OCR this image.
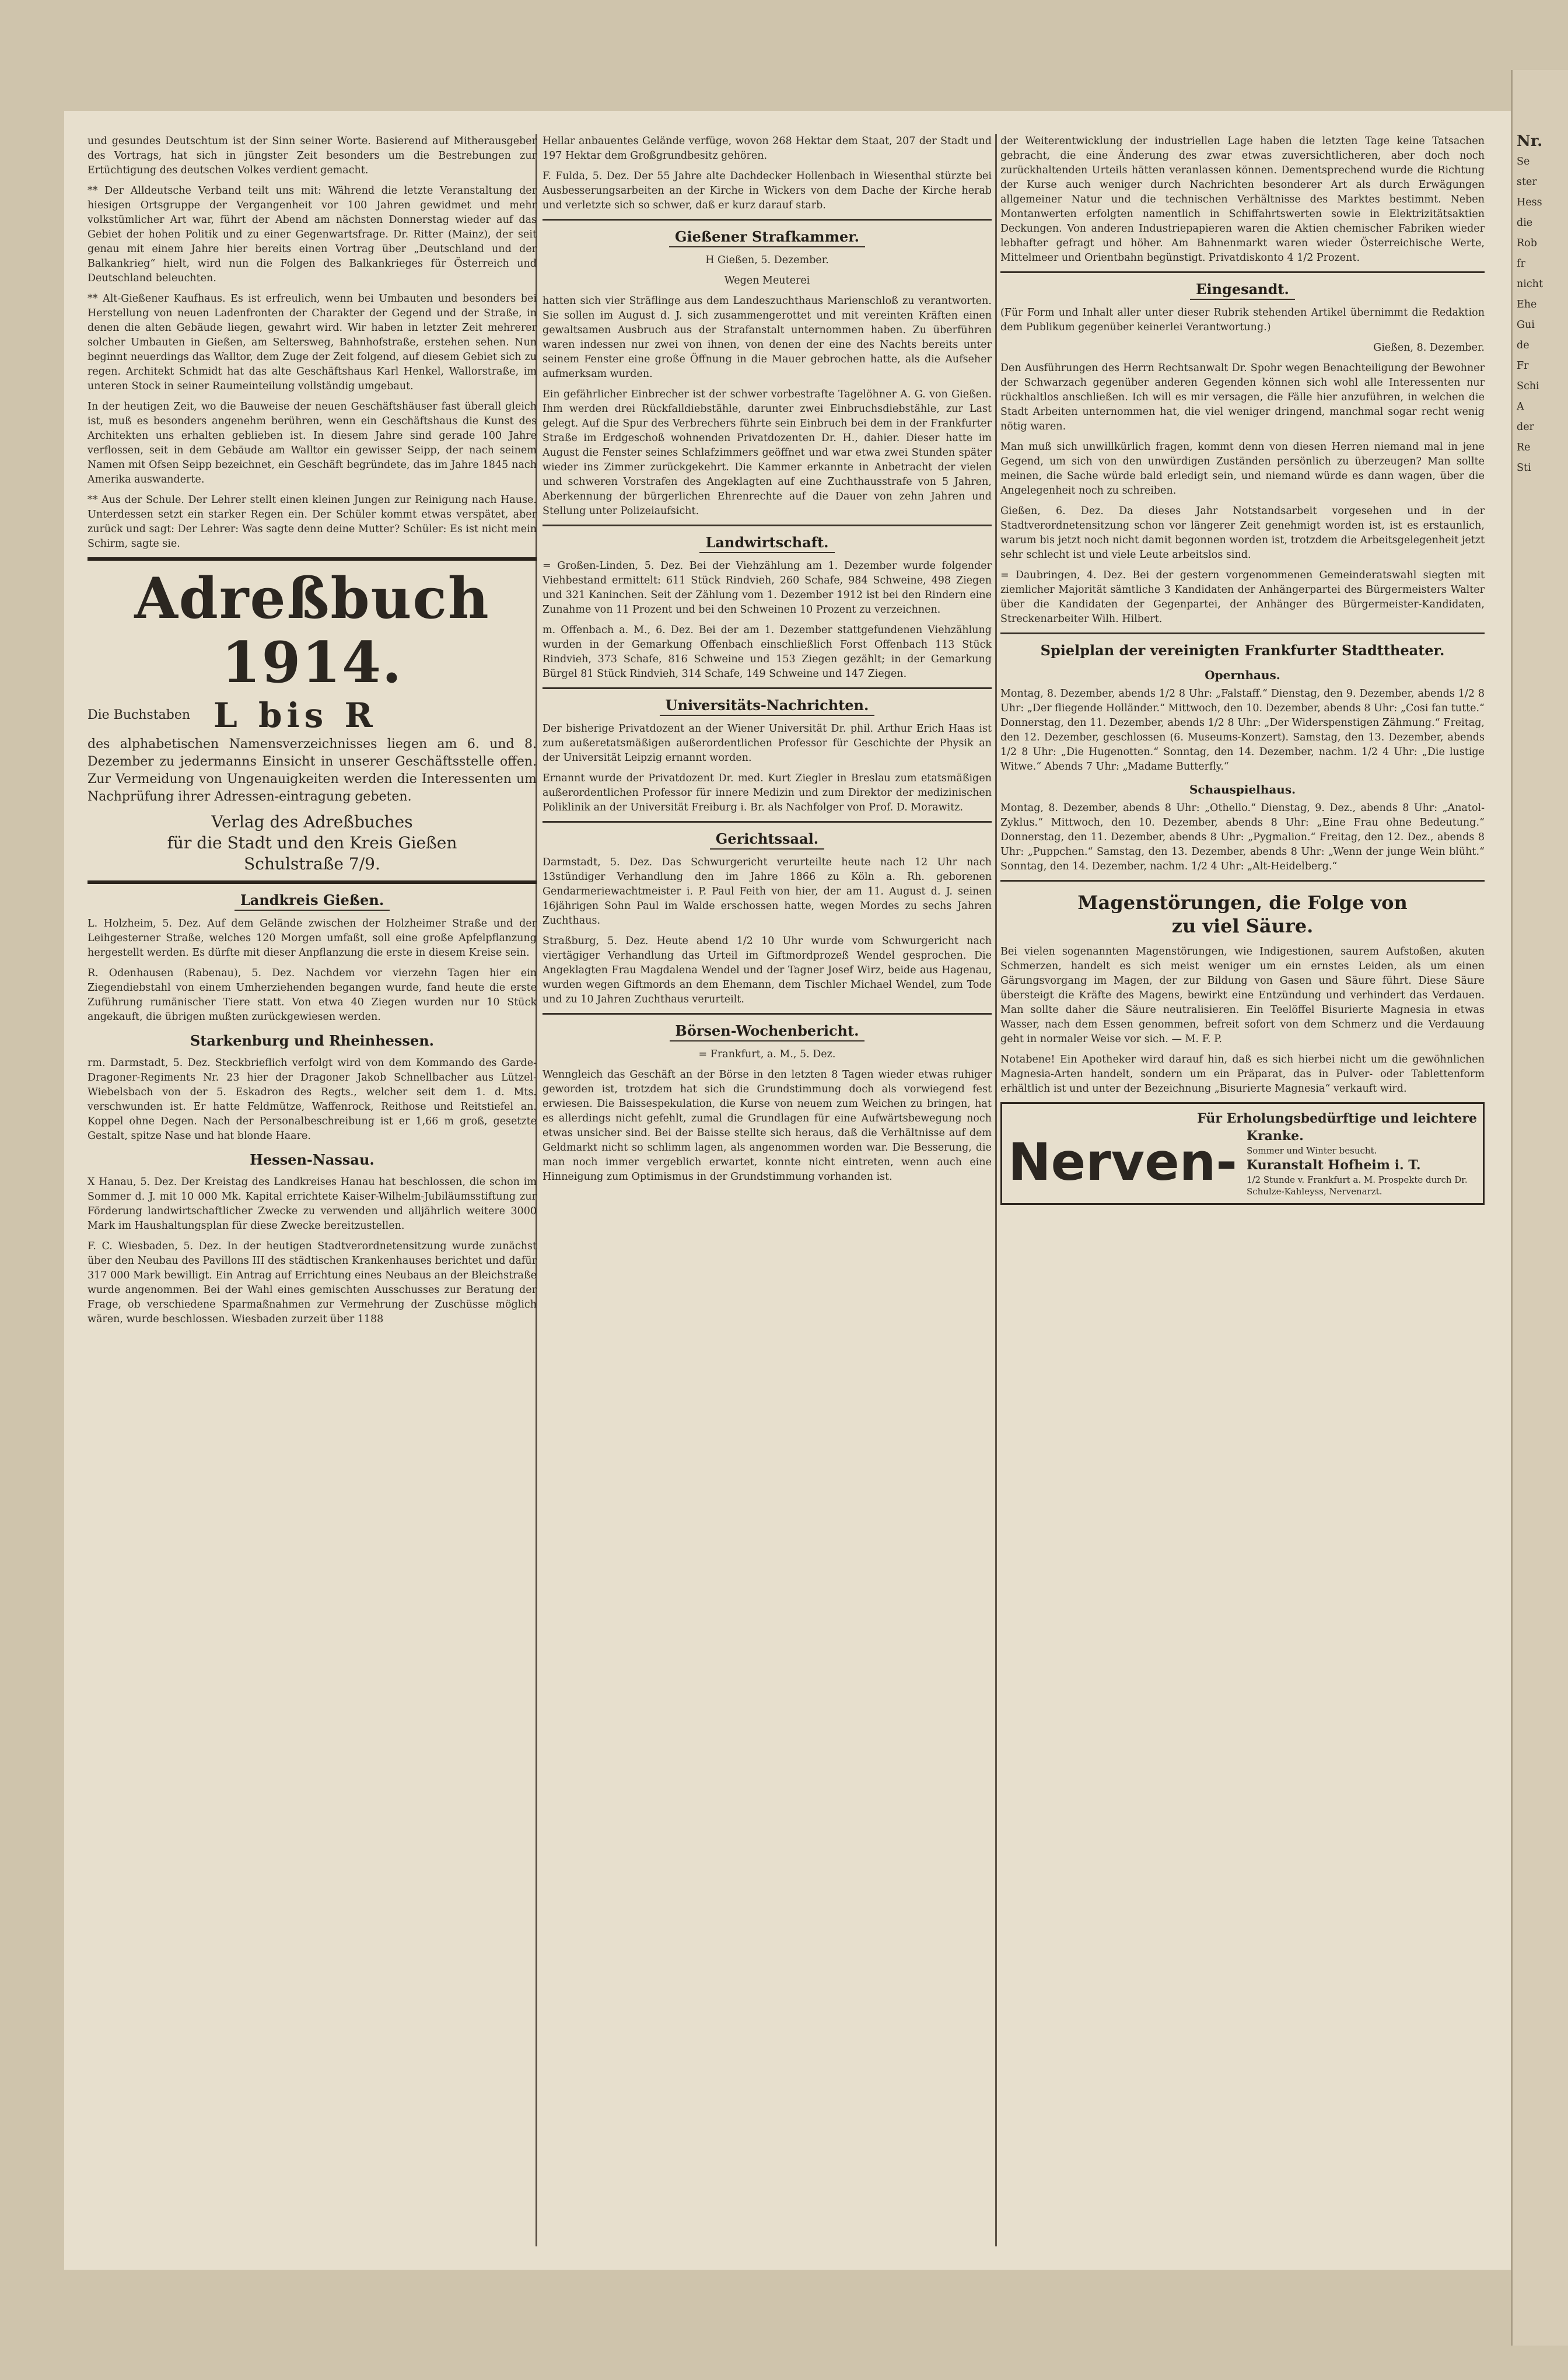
und gesundes Deutschtum ist der Sinn seiner Worte. Basierend auf Mitherausgeber des Vortrags, hat sich in jüngster Zeit besonders um die Bestrebungen zur Ertüchtigung des deutschen Volkes verdient gemacht.

** Der Alldeutsche Verband teilt uns mit: Während die letzte Veranstaltung der hiesigen Ortsgruppe der Vergangenheit vor 100 Jahren gewidmet und mehr volkstümlicher Art war, führt der Abend am nächsten Donnerstag wieder auf das Gebiet der hohen Politik und zu einer Gegenwartsfrage. Dr. Ritter (Mainz), der seit genau mit einem Jahre hier bereits einen Vortrag über „Deutschland und der Balkankrieg“ hielt, wird nun die Folgen des Balkankrieges für Österreich und Deutschland beleuchten.

** Alt-Gießener Kaufhaus. Es ist erfreulich, wenn bei Umbauten und besonders bei Herstellung von neuen Ladenfronten der Charakter der Gegend und der Straße, in denen die alten Gebäude liegen, gewahrt wird. Wir haben in letzter Zeit mehrerer solcher Umbauten in Gießen, am Seltersweg, Bahnhofstraße, erstehen sehen. Nun beginnt neuerdings das Walltor, dem Zuge der Zeit folgend, auf diesem Gebiet sich zu regen. Architekt Schmidt hat das alte Geschäftshaus Karl Henkel, Wallorstraße, im unteren Stock in seiner Raumeinteilung vollständig umgebaut.

In der heutigen Zeit, wo die Bauweise der neuen Geschäftshäuser fast überall gleich ist, muß es besonders angenehm berühren, wenn ein Geschäftshaus die Kunst des Architekten uns erhalten geblieben ist. In diesem Jahre sind gerade 100 Jahre verflossen, seit in dem Gebäude am Walltor ein gewisser Seipp, der nach seinem Namen mit Ofsen Seipp bezeichnet, ein Geschäft begründete, das im Jahre 1845 nach Amerika auswanderte.

** Aus der Schule. Der Lehrer stellt einen kleinen Jungen zur Reinigung nach Hause. Unterdessen setzt ein starker Regen ein. Der Schüler kommt etwas verspätet, aber zurück und sagt: Der Lehrer: Was sagte denn deine Mutter? Schüler: Es ist nicht mein Schirm, sagte sie.

Adreßbuch 1914.
Die Buchstaben L bis R

des alphabetischen Namensverzeichnisses liegen am 6. und 8. Dezember zu jedermanns Einsicht in unserer Geschäftsstelle offen. Zur Vermeidung von Ungenauigkeiten werden die Interessenten um Nachprüfung ihrer Adressen-eintragung gebeten.

Verlag des Adreßbuches
für die Stadt und den Kreis Gießen
Schulstraße 7/9.
Landkreis Gießen.

L. Holzheim, 5. Dez. Auf dem Gelände zwischen der Holzheimer Straße und der Leihgesterner Straße, welches 120 Morgen umfaßt, soll eine große Apfelpflanzung hergestellt werden. Es dürfte mit dieser Anpflanzung die erste in diesem Kreise sein.

R. Odenhausen (Rabenau), 5. Dez. Nachdem vor vierzehn Tagen hier ein Ziegendiebstahl von einem Umherziehenden begangen wurde, fand heute die erste Zuführung rumänischer Tiere statt. Von etwa 40 Ziegen wurden nur 10 Stück angekauft, die übrigen mußten zurückgewiesen werden.

Starkenburg und Rheinhessen.

rm. Darmstadt, 5. Dez. Steckbrieflich verfolgt wird von dem Kommando des Garde-Dragoner-Regiments Nr. 23 hier der Dragoner Jakob Schnellbacher aus Lützel-Wiebelsbach von der 5. Eskadron des Regts., welcher seit dem 1. d. Mts. verschwunden ist. Er hatte Feldmütze, Waffenrock, Reithose und Reitstiefel an. Koppel ohne Degen. Nach der Personalbeschreibung ist er 1,66 m groß, gesetzte Gestalt, spitze Nase und hat blonde Haare.

Hessen-Nassau.

X Hanau, 5. Dez. Der Kreistag des Landkreises Hanau hat beschlossen, die schon im Sommer d. J. mit 10 000 Mk. Kapital errichtete Kaiser-Wilhelm-Jubiläumsstiftung zur Förderung landwirtschaftlicher Zwecke zu verwenden und alljährlich weitere 3000 Mark im Haushaltungsplan für diese Zwecke bereitzustellen.

F. C. Wiesbaden, 5. Dez. In der heutigen Stadtverordnetensitzung wurde zunächst über den Neubau des Pavillons III des städtischen Krankenhauses berichtet und dafür 317 000 Mark bewilligt. Ein Antrag auf Errichtung eines Neubaus an der Bleichstraße wurde angenommen. Bei der Wahl eines gemischten Ausschusses zur Beratung der Frage, ob verschiedene Sparmaßnahmen zur Vermehrung der Zuschüsse möglich wären, wurde beschlossen. Wiesbaden zurzeit über 1188

Hellar anbauentes Gelände verfüge, wovon 268 Hektar dem Staat, 207 der Stadt und 197 Hektar dem Großgrundbesitz gehören.

F. Fulda, 5. Dez. Der 55 Jahre alte Dachdecker Hollenbach in Wiesenthal stürzte bei Ausbesserungsarbeiten an der Kirche in Wickers von dem Dache der Kirche herab und verletzte sich so schwer, daß er kurz darauf starb.

Gießener Strafkammer.

H Gießen, 5. Dezember.

Wegen Meuterei

hatten sich vier Sträflinge aus dem Landeszuchthaus Marienschloß zu verantworten. Sie sollen im August d. J. sich zusammengerottet und mit vereinten Kräften einen gewaltsamen Ausbruch aus der Strafanstalt unternommen haben. Zu überführen waren indessen nur zwei von ihnen, von denen der eine des Nachts bereits unter seinem Fenster eine große Öffnung in die Mauer gebrochen hatte, als die Aufseher aufmerksam wurden.

Ein gefährlicher Einbrecher ist der schwer vorbestrafte Tagelöhner A. G. von Gießen. Ihm werden drei Rückfalldiebstähle, darunter zwei Einbruchsdiebstähle, zur Last gelegt. Auf die Spur des Verbrechers führte sein Einbruch bei dem in der Frankfurter Straße im Erdgeschoß wohnenden Privatdozenten Dr. H., dahier. Dieser hatte im August die Fenster seines Schlafzimmers geöffnet und war etwa zwei Stunden später wieder ins Zimmer zurückgekehrt. Die Kammer erkannte in Anbetracht der vielen und schweren Vorstrafen des Angeklagten auf eine Zuchthausstrafe von 5 Jahren, Aberkennung der bürgerlichen Ehrenrechte auf die Dauer von zehn Jahren und Stellung unter Polizeiaufsicht.

Landwirtschaft.

= Großen-Linden, 5. Dez. Bei der Viehzählung am 1. Dezember wurde folgender Viehbestand ermittelt: 611 Stück Rindvieh, 260 Schafe, 984 Schweine, 498 Ziegen und 321 Kaninchen. Seit der Zählung vom 1. Dezember 1912 ist bei den Rindern eine Zunahme von 11 Prozent und bei den Schweinen 10 Prozent zu verzeichnen.

m. Offenbach a. M., 6. Dez. Bei der am 1. Dezember stattgefundenen Viehzählung wurden in der Gemarkung Offenbach einschließlich Forst Offenbach 113 Stück Rindvieh, 373 Schafe, 816 Schweine und 153 Ziegen gezählt; in der Gemarkung Bürgel 81 Stück Rindvieh, 314 Schafe, 149 Schweine und 147 Ziegen.

Universitäts-Nachrichten.

Der bisherige Privatdozent an der Wiener Universität Dr. phil. Arthur Erich Haas ist zum außeretatsmäßigen außerordentlichen Professor für Geschichte der Physik an der Universität Leipzig ernannt worden.

Ernannt wurde der Privatdozent Dr. med. Kurt Ziegler in Breslau zum etatsmäßigen außerordentlichen Professor für innere Medizin und zum Direktor der medizinischen Poliklinik an der Universität Freiburg i. Br. als Nachfolger von Prof. D. Morawitz.

Gerichtssaal.

Darmstadt, 5. Dez. Das Schwurgericht verurteilte heute nach 12 Uhr nach 13stündiger Verhandlung den im Jahre 1866 zu Köln a. Rh. geborenen Gendarmeriewachtmeister i. P. Paul Feith von hier, der am 11. August d. J. seinen 16jährigen Sohn Paul im Walde erschossen hatte, wegen Mordes zu sechs Jahren Zuchthaus.

Straßburg, 5. Dez. Heute abend 1/2 10 Uhr wurde vom Schwurgericht nach viertägiger Verhandlung das Urteil im Giftmordprozeß Wendel gesprochen. Die Angeklagten Frau Magdalena Wendel und der Tagner Josef Wirz, beide aus Hagenau, wurden wegen Giftmords an dem Ehemann, dem Tischler Michael Wendel, zum Tode und zu 10 Jahren Zuchthaus verurteilt.

Börsen-Wochenbericht.

= Frankfurt, a. M., 5. Dez.

Wenngleich das Geschäft an der Börse in den letzten 8 Tagen wieder etwas ruhiger geworden ist, trotzdem hat sich die Grundstimmung doch als vorwiegend fest erwiesen. Die Baissespekulation, die Kurse von neuem zum Weichen zu bringen, hat es allerdings nicht gefehlt, zumal die Grundlagen für eine Aufwärtsbewegung noch etwas unsicher sind. Bei der Baisse stellte sich heraus, daß die Verhältnisse auf dem Geldmarkt nicht so schlimm lagen, als angenommen worden war. Die Besserung, die man noch immer vergeblich erwartet, konnte nicht eintreten, wenn auch eine Hinneigung zum Optimismus in der Grundstimmung vorhanden ist.

der Weiterentwicklung der industriellen Lage haben die letzten Tage keine Tatsachen gebracht, die eine Änderung des zwar etwas zuversichtlicheren, aber doch noch zurückhaltenden Urteils hätten veranlassen können. Dementsprechend wurde die Richtung der Kurse auch weniger durch Nachrichten besonderer Art als durch Erwägungen allgemeiner Natur und die technischen Verhältnisse des Marktes bestimmt. Neben Montanwerten erfolgten namentlich in Schiffahrtswerten sowie in Elektrizitätsaktien Deckungen. Von anderen Industriepapieren waren die Aktien chemischer Fabriken wieder lebhafter gefragt und höher. Am Bahnenmarkt waren wieder Österreichische Werte, Mittelmeer und Orientbahn begünstigt. Privatdiskonto 4 1/2 Prozent.

Eingesandt.

(Für Form und Inhalt aller unter dieser Rubrik stehenden Artikel übernimmt die Redaktion dem Publikum gegenüber keinerlei Verantwortung.)

Gießen, 8. Dezember.

Den Ausführungen des Herrn Rechtsanwalt Dr. Spohr wegen Benachteiligung der Bewohner der Schwarzach gegenüber anderen Gegenden können sich wohl alle Interessenten nur rückhaltlos anschließen. Ich will es mir versagen, die Fälle hier anzuführen, in welchen die Stadt Arbeiten unternommen hat, die viel weniger dringend, manchmal sogar recht wenig nötig waren.

Man muß sich unwillkürlich fragen, kommt denn von diesen Herren niemand mal in jene Gegend, um sich von den unwürdigen Zuständen persönlich zu überzeugen? Man sollte meinen, die Sache würde bald erledigt sein, und niemand würde es dann wagen, über die Angelegenheit noch zu schreiben.

Gießen, 6. Dez. Da dieses Jahr Notstandsarbeit vorgesehen und in der Stadtverordnetensitzung schon vor längerer Zeit genehmigt worden ist, ist es erstaunlich, warum bis jetzt noch nicht damit begonnen worden ist, trotzdem die Arbeitsgelegenheit jetzt sehr schlecht ist und viele Leute arbeitslos sind.

= Daubringen, 4. Dez. Bei der gestern vorgenommenen Gemeinderatswahl siegten mit ziemlicher Majorität sämtliche 3 Kandidaten der Anhängerpartei des Bürgermeisters Walter über die Kandidaten der Gegenpartei, der Anhänger des Bürgermeister-Kandidaten, Streckenarbeiter Wilh. Hilbert.

Spielplan der vereinigten Frankfurter Stadttheater.
Opernhaus.

Montag, 8. Dezember, abends 1/2 8 Uhr: „Falstaff.“ Dienstag, den 9. Dezember, abends 1/2 8 Uhr: „Der fliegende Holländer.“ Mittwoch, den 10. Dezember, abends 8 Uhr: „Cosi fan tutte.“ Donnerstag, den 11. Dezember, abends 1/2 8 Uhr: „Der Widerspenstigen Zähmung.“ Freitag, den 12. Dezember, geschlossen (6. Museums-Konzert). Samstag, den 13. Dezember, abends 1/2 8 Uhr: „Die Hugenotten.“ Sonntag, den 14. Dezember, nachm. 1/2 4 Uhr: „Die lustige Witwe.“ Abends 7 Uhr: „Madame Butterfly.“

Schauspielhaus.

Montag, 8. Dezember, abends 8 Uhr: „Othello.“ Dienstag, 9. Dez., abends 8 Uhr: „Anatol-Zyklus.“ Mittwoch, den 10. Dezember, abends 8 Uhr: „Eine Frau ohne Bedeutung.“ Donnerstag, den 11. Dezember, abends 8 Uhr: „Pygmalion.“ Freitag, den 12. Dez., abends 8 Uhr: „Puppchen.“ Samstag, den 13. Dezember, abends 8 Uhr: „Wenn der junge Wein blüht.“ Sonntag, den 14. Dezember, nachm. 1/2 4 Uhr: „Alt-Heidelberg.“

Magenstörungen, die Folge von
zu viel Säure.

Bei vielen sogenannten Magenstörungen, wie Indigestionen, saurem Aufstoßen, akuten Schmerzen, handelt es sich meist weniger um ein ernstes Leiden, als um einen Gärungsvorgang im Magen, der zur Bildung von Gasen und Säure führt. Diese Säure übersteigt die Kräfte des Magens, bewirkt eine Entzündung und verhindert das Verdauen. Man sollte daher die Säure neutralisieren. Ein Teelöffel Bisurierte Magnesia in etwas Wasser, nach dem Essen genommen, befreit sofort von dem Schmerz und die Verdauung geht in normaler Weise vor sich. — M. F. P.

Notabene! Ein Apotheker wird darauf hin, daß es sich hierbei nicht um die gewöhnlichen Magnesia-Arten handelt, sondern um ein Präparat, das in Pulver- oder Tablettenform erhältlich ist und unter der Bezeichnung „Bisurierte Magnesia“ verkauft wird.

Für Erholungsbedürftige und leichtere
Nerven- Kranke.
Sommer und Winter besucht.
Kuranstalt Hofheim i. T.
1/2 Stunde v. Frankfurt a. M. Prospekte durch Dr. Schulze-Kahleyss, Nervenarzt.

Nr.

Se

ster

Hess

die

Rob

fr

nicht

Ehe

Gui

de

Fr

Schi

A

der

Re

Sti
